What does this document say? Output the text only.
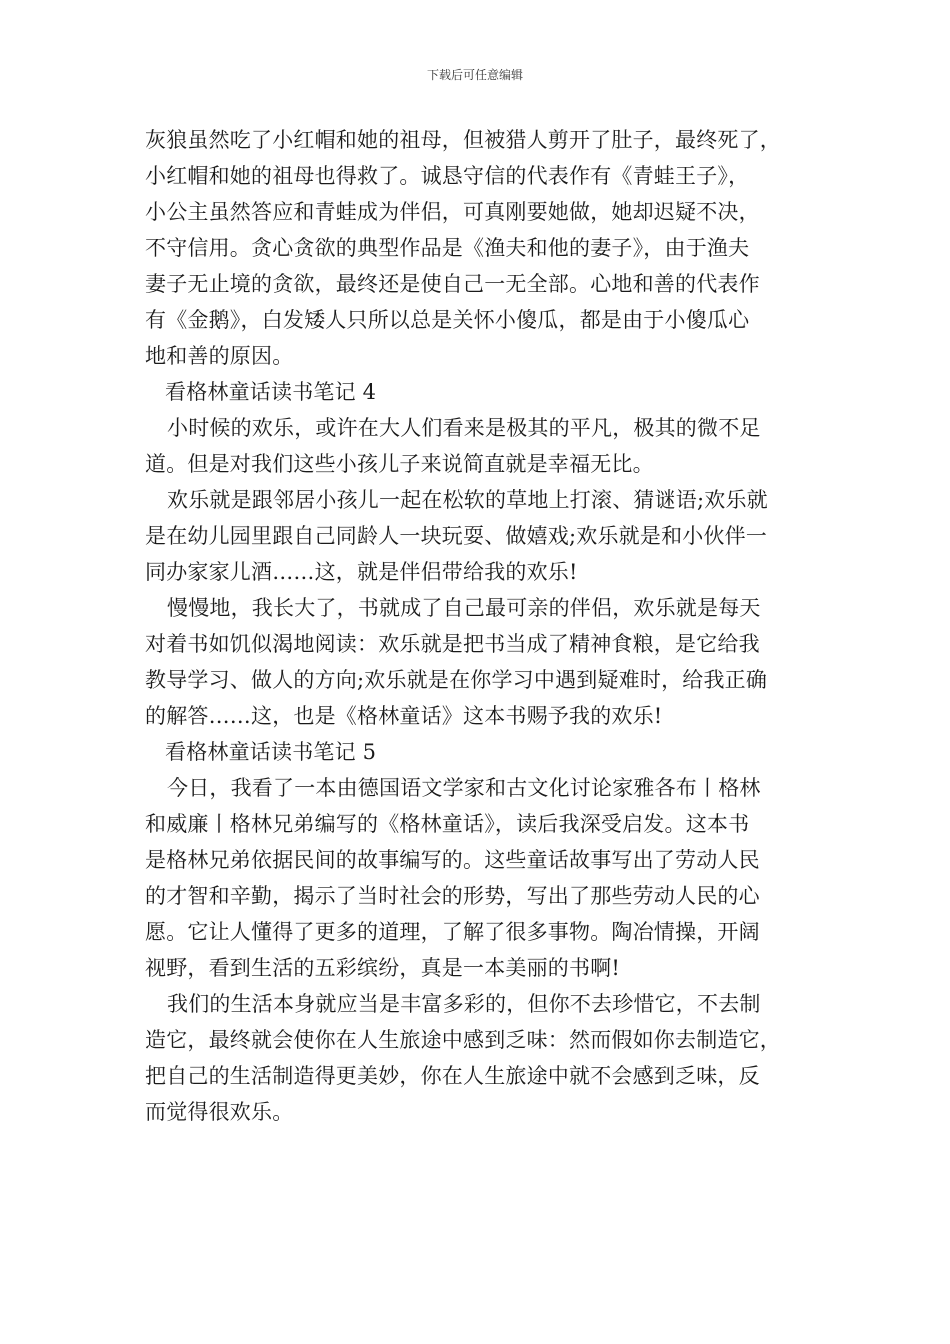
下载后可任意编辑
灰狼虽然吃了小红帽和她的祖母，但被猎人剪开了肚子，最终死了，
小红帽和她的祖母也得救了。诚恳守信的代表作有《青蛙王子》，
小公主虽然答应和青蛙成为伴侣，可真刚要她做，她却迟疑不决，
不守信用。贪心贪欲的典型作品是《渔夫和他的妻子》，由于渔夫
妻子无止境的贪欲，最终还是使自己一无全部。心地和善的代表作
有《金鹅》，白发矮人只所以总是关怀小傻瓜，都是由于小傻瓜心
地和善的原因。
看格林童话读书笔记 4
小时候的欢乐，或许在大人们看来是极其的平凡，极其的微不足
道。但是对我们这些小孩儿子来说简直就是幸福无比。
欢乐就是跟邻居小孩儿一起在松软的草地上打滚、猜谜语;欢乐就
是在幼儿园里跟自己同龄人一块玩耍、做嬉戏;欢乐就是和小伙伴一
同办家家儿酒……这，就是伴侣带给我的欢乐!
慢慢地，我长大了，书就成了自己最可亲的伴侣，欢乐就是每天
对着书如饥似渴地阅读：欢乐就是把书当成了精神食粮，是它给我
教导学习、做人的方向;欢乐就是在你学习中遇到疑难时，给我正确
的解答……这，也是《格林童话》这本书赐予我的欢乐!
看格林童话读书笔记 5
今日，我看了一本由德国语文学家和古文化讨论家雅各布丨格林
和威廉丨格林兄弟编写的《格林童话》，读后我深受启发。这本书
是格林兄弟依据民间的故事编写的。这些童话故事写出了劳动人民
的才智和辛勤，揭示了当时社会的形势，写出了那些劳动人民的心
愿。它让人懂得了更多的道理，了解了很多事物。陶冶情操，开阔
视野，看到生活的五彩缤纷，真是一本美丽的书啊!
我们的生活本身就应当是丰富多彩的，但你不去珍惜它，不去制
造它，最终就会使你在人生旅途中感到乏味：然而假如你去制造它，
把自己的生活制造得更美妙，你在人生旅途中就不会感到乏味，反
而觉得很欢乐。
